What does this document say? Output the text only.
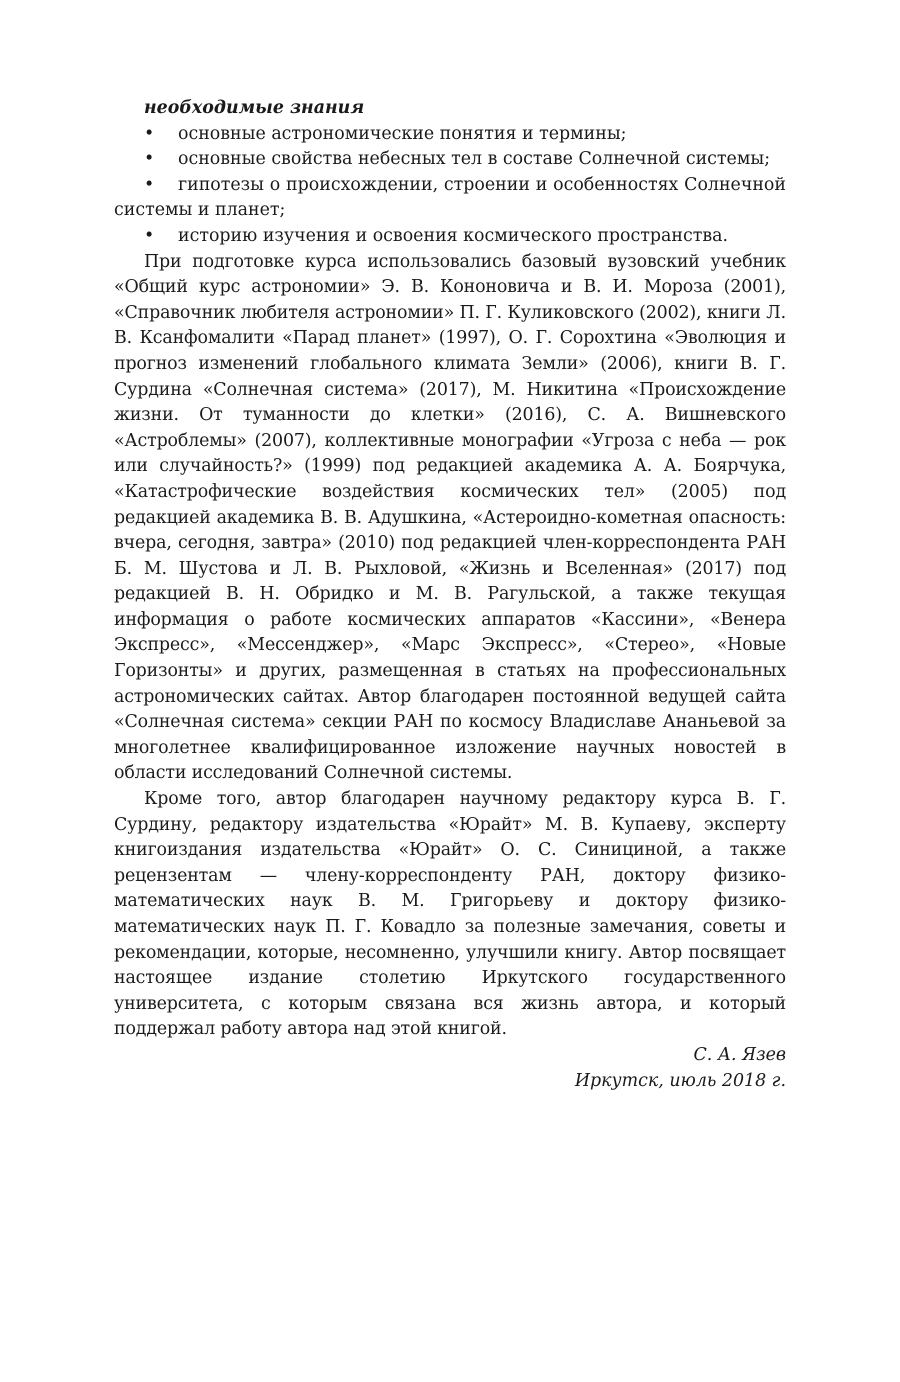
необходимые знания

• основные астрономические понятия и термины;
• основные свойства небесных тел в составе Солнечной системы;
• гипотезы о происхождении, строении и особенностях Солнечной системы и планет;
• историю изучения и освоения космического пространства.

При подготовке курса использовались базовый вузовский учебник «Общий курс астрономии» Э. В. Кононовича и В. И. Мороза (2001), «Справочник любителя астрономии» П. Г. Куликовского (2002), книги Л. В. Ксанфомалити «Парад планет» (1997), О. Г. Сорохтина «Эволюция и прогноз изменений глобального климата Земли» (2006), книги В. Г. Сурдина «Солнечная система» (2017), М. Никитина «Происхождение жизни. От туманности до клетки» (2016), С. А. Вишневского «Астроблемы» (2007), коллективные монографии «Угроза с неба — рок или случайность?» (1999) под редакцией академика А. А. Боярчука, «Катастрофические воздействия космических тел» (2005) под редакцией академика В. В. Адушкина, «Астероидно-кометная опасность: вчера, сегодня, завтра» (2010) под редакцией член-корреспондента РАН Б. М. Шустова и Л. В. Рыхловой, «Жизнь и Вселенная» (2017) под редакцией В. Н. Обридко и М. В. Рагульской, а также текущая информация о работе космических аппаратов «Кассини», «Венера Экспресс», «Мессенджер», «Марс Экспресс», «Стерео», «Новые Горизонты» и других, размещенная в статьях на профессиональных астрономических сайтах. Автор благодарен постоянной ведущей сайта «Солнечная система» секции РАН по космосу Владиславе Ананьевой за многолетнее квалифицированное изложение научных новостей в области исследований Солнечной системы.

Кроме того, автор благодарен научному редактору курса В. Г. Сурдину, редактору издательства «Юрайт» М. В. Купаеву, эксперту книгоиздания издательства «Юрайт» О. С. Синициной, а также рецензентам — члену-корреспонденту РАН, доктору физико-математических наук В. М. Григорьеву и доктору физико-математических наук П. Г. Ковадло за полезные замечания, советы и рекомендации, которые, несомненно, улучшили книгу. Автор посвящает настоящее издание столетию Иркутского государственного университета, с которым связана вся жизнь автора, и который поддержал работу автора над этой книгой.

С. А. Язев

Иркутск, июль 2018 г.
